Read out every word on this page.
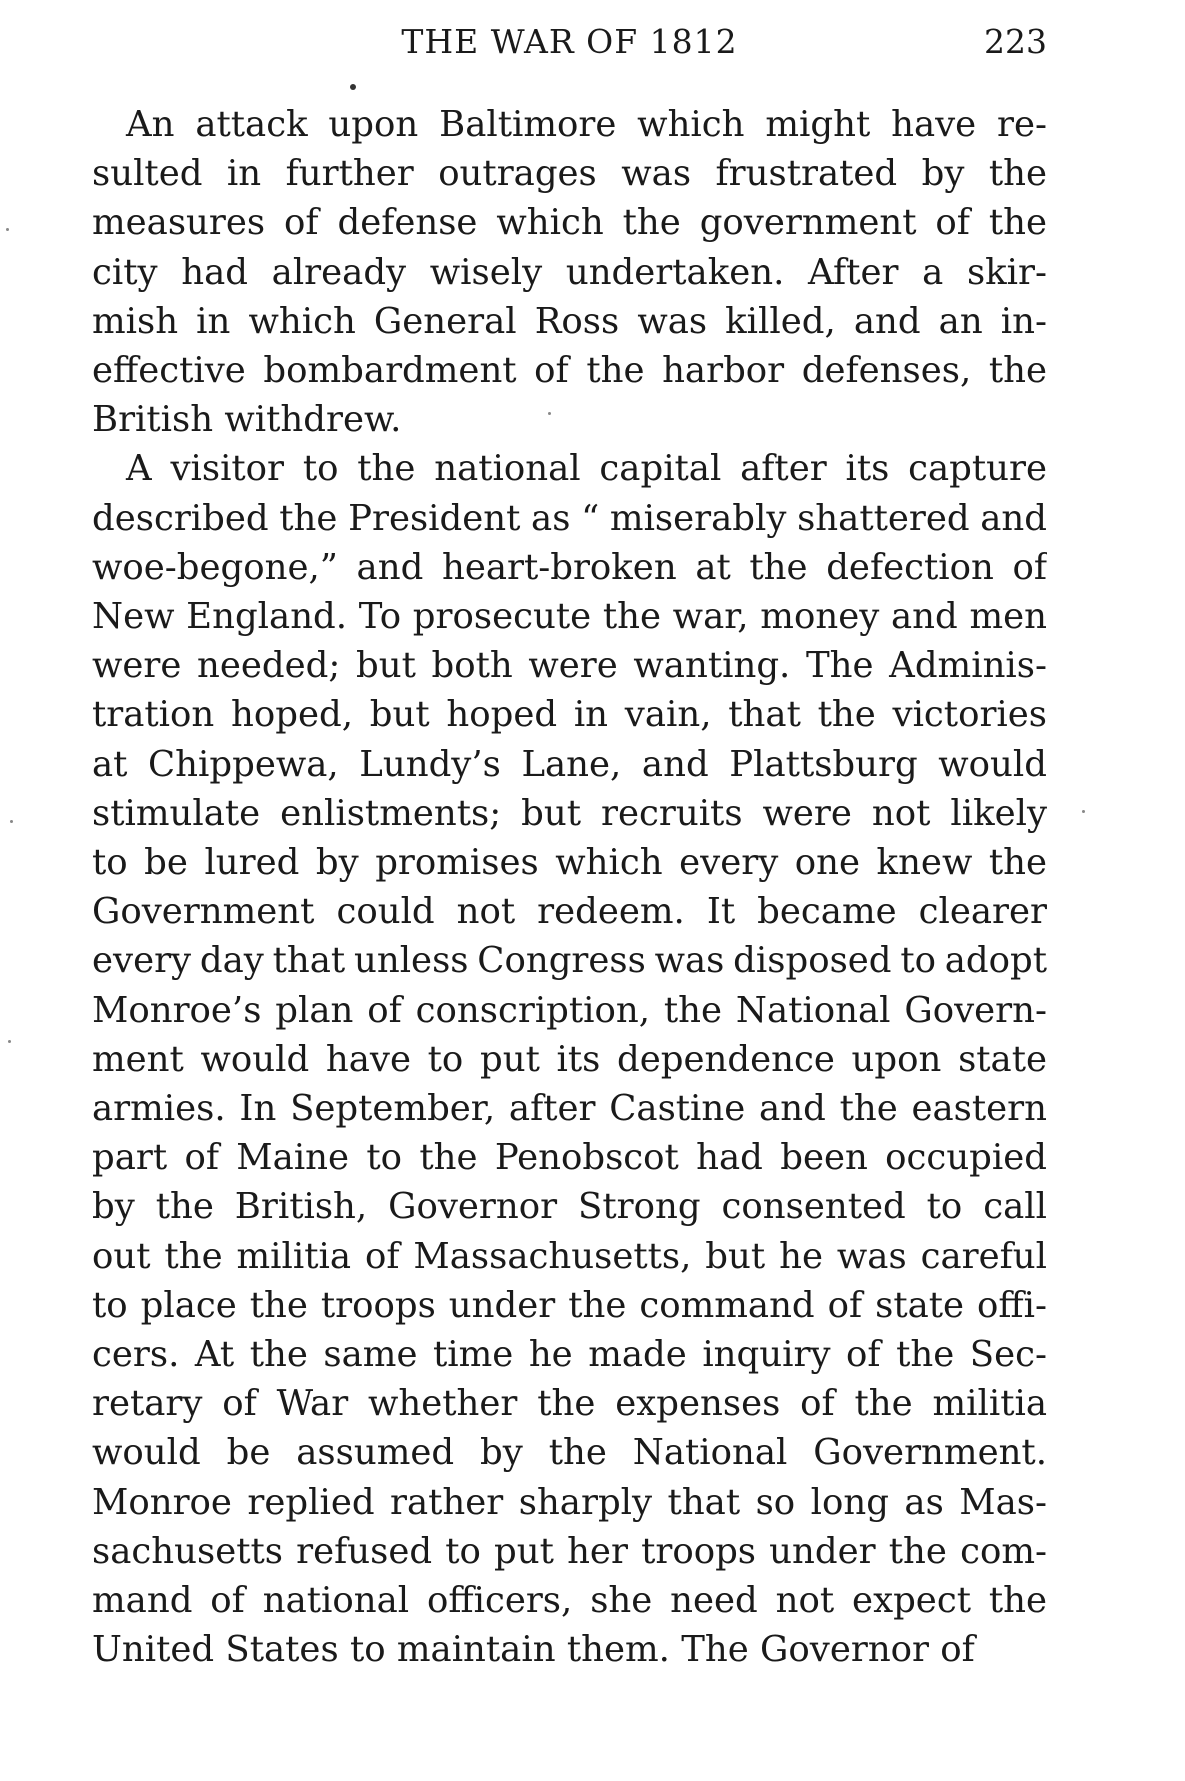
THE WAR OF 1812	223

An attack upon Baltimore which might have re-
sulted in further outrages was frustrated by the
measures of defense which the government of the
city had already wisely undertaken. After a skir-
mish in which General Ross was killed, and an in-
effective bombardment of the harbor defenses, the
British withdrew.

A visitor to the national capital after its capture
described the President as “ miserably shattered and
woe-begone,” and heart-broken at the defection of
New England. To prosecute the war, money and men
were needed; but both were wanting. The Adminis-
tration hoped, but hoped in vain, that the victories
at Chippewa, Lundy’s Lane, and Plattsburg would
stimulate enlistments; but recruits were not likely
to be lured by promises which every one knew the
Government could not redeem. It became clearer
every day that unless Congress was disposed to adopt
Monroe’s plan of conscription, the National Govern-
ment would have to put its dependence upon state
armies. In September, after Castine and the eastern
part of Maine to the Penobscot had been occupied
by the British, Governor Strong consented to call
out the militia of Massachusetts, but he was careful
to place the troops under the command of state offi-
cers. At the same time he made inquiry of the Sec-
retary of War whether the expenses of the militia
would be assumed by the National Government.
Monroe replied rather sharply that so long as Mas-
sachusetts refused to put her troops under the com-
mand of national officers, she need not expect the
United States to maintain them. The Governor of
